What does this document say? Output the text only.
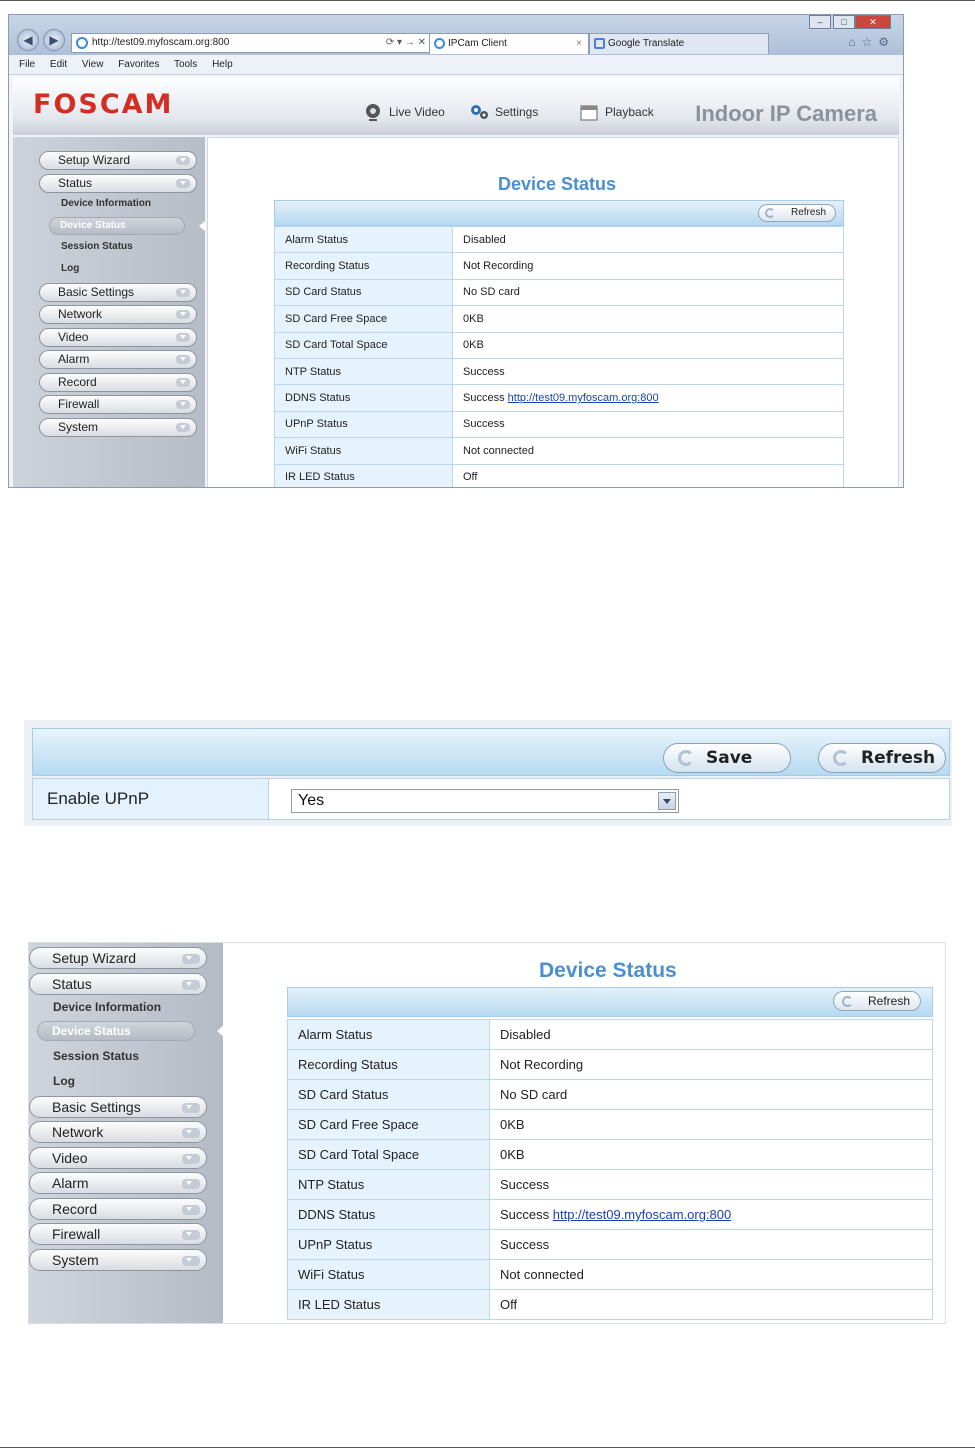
◀	▶	http://test09.myfoscam.org:800	⟳ ▾ → ✕	IPCam Client	×	Google Translate
–	□	✕
⌂☆⚙
File Edit View Favorites Tools Help
FOSCAM	Live Video	Settings	Playback Indoor IP Camera
Setup Wizard
Status
Device Information
Device Status
Session Status
Log
Basic Settings
Network
Video
Alarm
Record
Firewall
System
Device Status
Refresh
Alarm Status	Disabled
Recording Status	Not Recording
SD Card Status	No SD card
SD Card Free Space	0KB
SD Card Total Space	0KB
NTP Status	Success
DDNS Status	Success http://test09.myfoscam.org:800
UPnP Status	Success
WiFi Status	Not connected
IR LED Status	Off
Save	Refresh
Enable UPnP	Yes
Setup Wizard
Status
Device Information
Device Status
Session Status
Log
Basic Settings
Network
Video
Alarm
Record
Firewall
System
Device Status
Refresh
Alarm Status	Disabled
Recording Status	Not Recording
SD Card Status	No SD card
SD Card Free Space	0KB
SD Card Total Space	0KB
NTP Status	Success
DDNS Status	Success http://test09.myfoscam.org:800
UPnP Status	Success
WiFi Status	Not connected
IR LED Status	Off
